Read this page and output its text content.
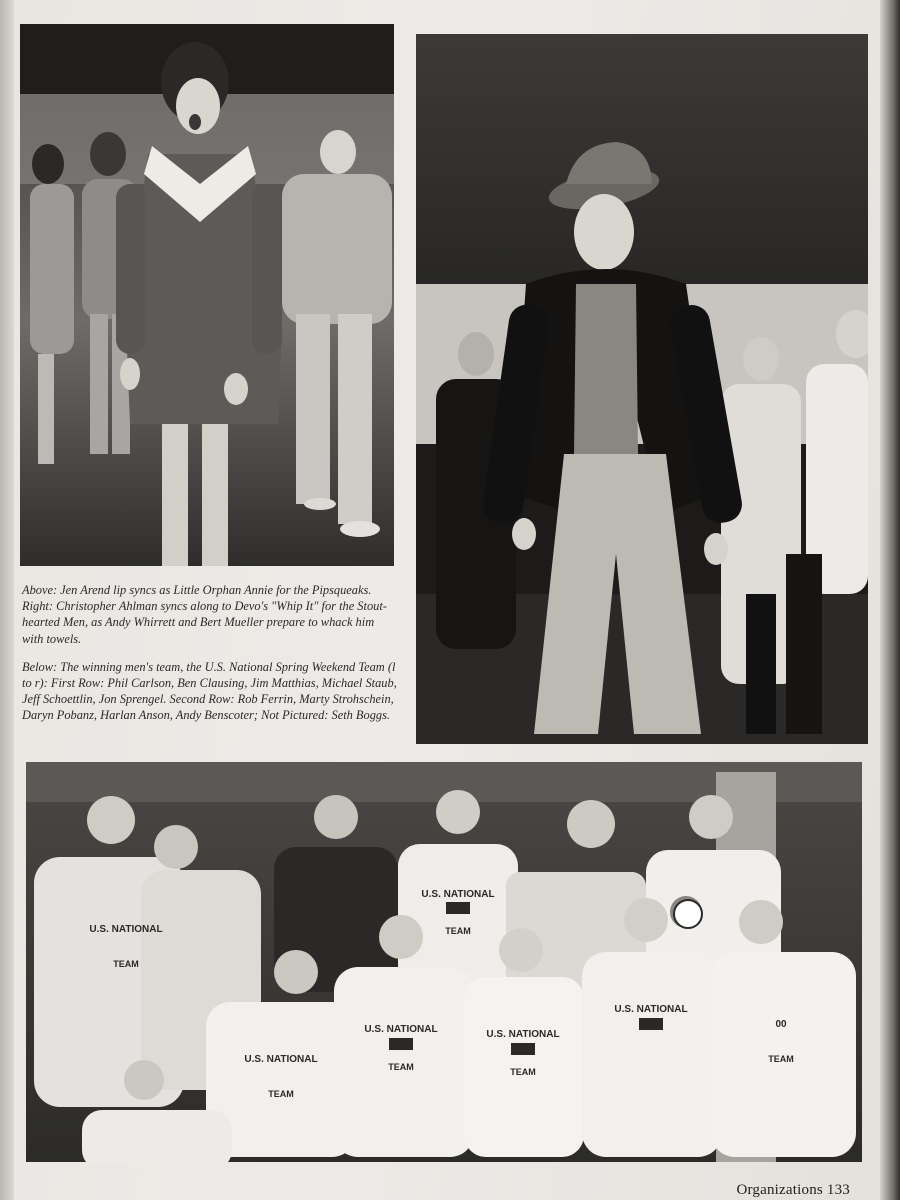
Above: Jen Arend lip syncs as Little Orphan Annie for the Pipsqueaks. Right: Christopher Ahlman syncs along to Devo's "Whip It" for the Stout-hearted Men, as Andy Whirrett and Bert Mueller prepare to whack him with towels.

Below: The winning men's team, the U.S. National Spring Weekend Team (l to r): First Row: Phil Carlson, Ben Clausing, Jim Matthias, Michael Staub, Jeff Schoettlin, Jon Sprengel. Second Row: Rob Ferrin, Marty Strohschein, Daryn Pobanz, Harlan Anson, Andy Benscoter; Not Pictured: Seth Boggs.

U.S. NATIONAL
TEAM
U.S. NATIONAL
TEAM
U.S. NATIONAL
TEAM
U.S. NATIONAL
00
TEAM
U.S. NATIONAL
TEAM
U.S. NATIONAL
TEAM
Organizations 133
